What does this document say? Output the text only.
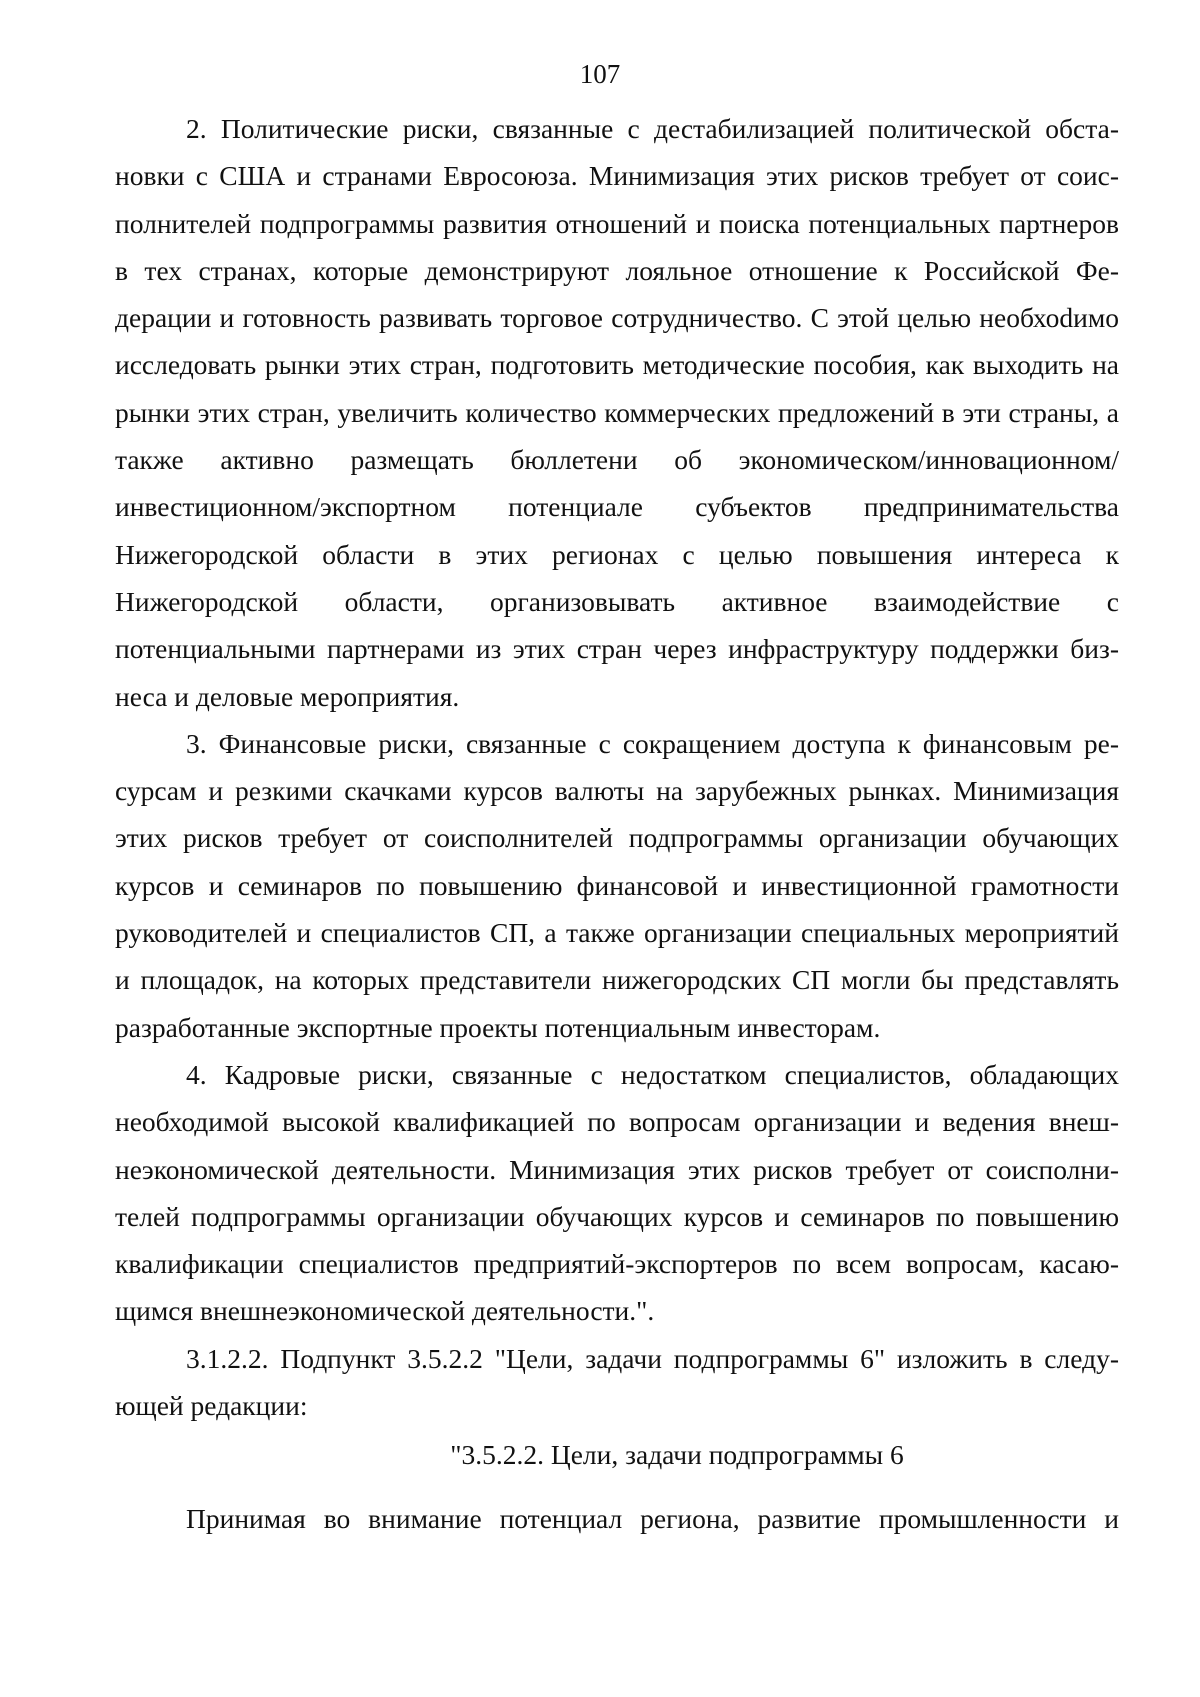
107

2. Политические риски, связанные с дестабилизацией политической обстановки с США и странами Евросоюза. Минимизация этих рисков требует от соисполнителей подпрограммы развития отношений и поиска потенциальных партнеров в тех странах, которые демонстрируют лояльное отношение к Российской Федерации и готовность развивать торговое сотрудничество. С этой целью необхоdимо исследовать рынки этих стран, подготовить методические пособия, как выходить на рынки этих стран, увеличить количество коммерческих предложений в эти страны, а также активно размещать бюллетени об экономическом/инновационном/инвестиционном/экспортном потенциале субъектов предпринимательства Нижегородской области в этих регионах с целью повышения интереса к Нижегородской области, организовывать активное взаимодействие с потенциальными партнерами из этих стран через инфраструктуру поддержки бизнеса и деловые мероприятия.

3. Финансовые риски, связанные с сокращением доступа к финансовым ресурсам и резкими скачками курсов валюты на зарубежных рынках. Минимизация этих рисков требует от соисполнителей подпрограммы организации обучающих курсов и семинаров по повышению финансовой и инвестиционной грамотности руководителей и специалистов СП, а также организации специальных мероприятий и площадок, на которых представители нижегородских СП могли бы представлять разработанные экспортные проекты потенциальным инвесторам.

4. Кадровые риски, связанные с недостатком специалистов, обладающих необходимой высокой квалификацией по вопросам организации и ведения внешнеэкономической деятельности. Минимизация этих рисков требует от соисполнителей подпрограммы организации обучающих курсов и семинаров по повышению квалификации специалистов предприятий-экспортеров по всем вопросам, касающимся внешнеэкономической деятельности.".

3.1.2.2. Подпункт 3.5.2.2 "Цели, задачи подпрограммы 6" изложить в следующей редакции:

"3.5.2.2. Цели, задачи подпрограммы 6

Принимая во внимание потенциал региона, развитие промышленности и
